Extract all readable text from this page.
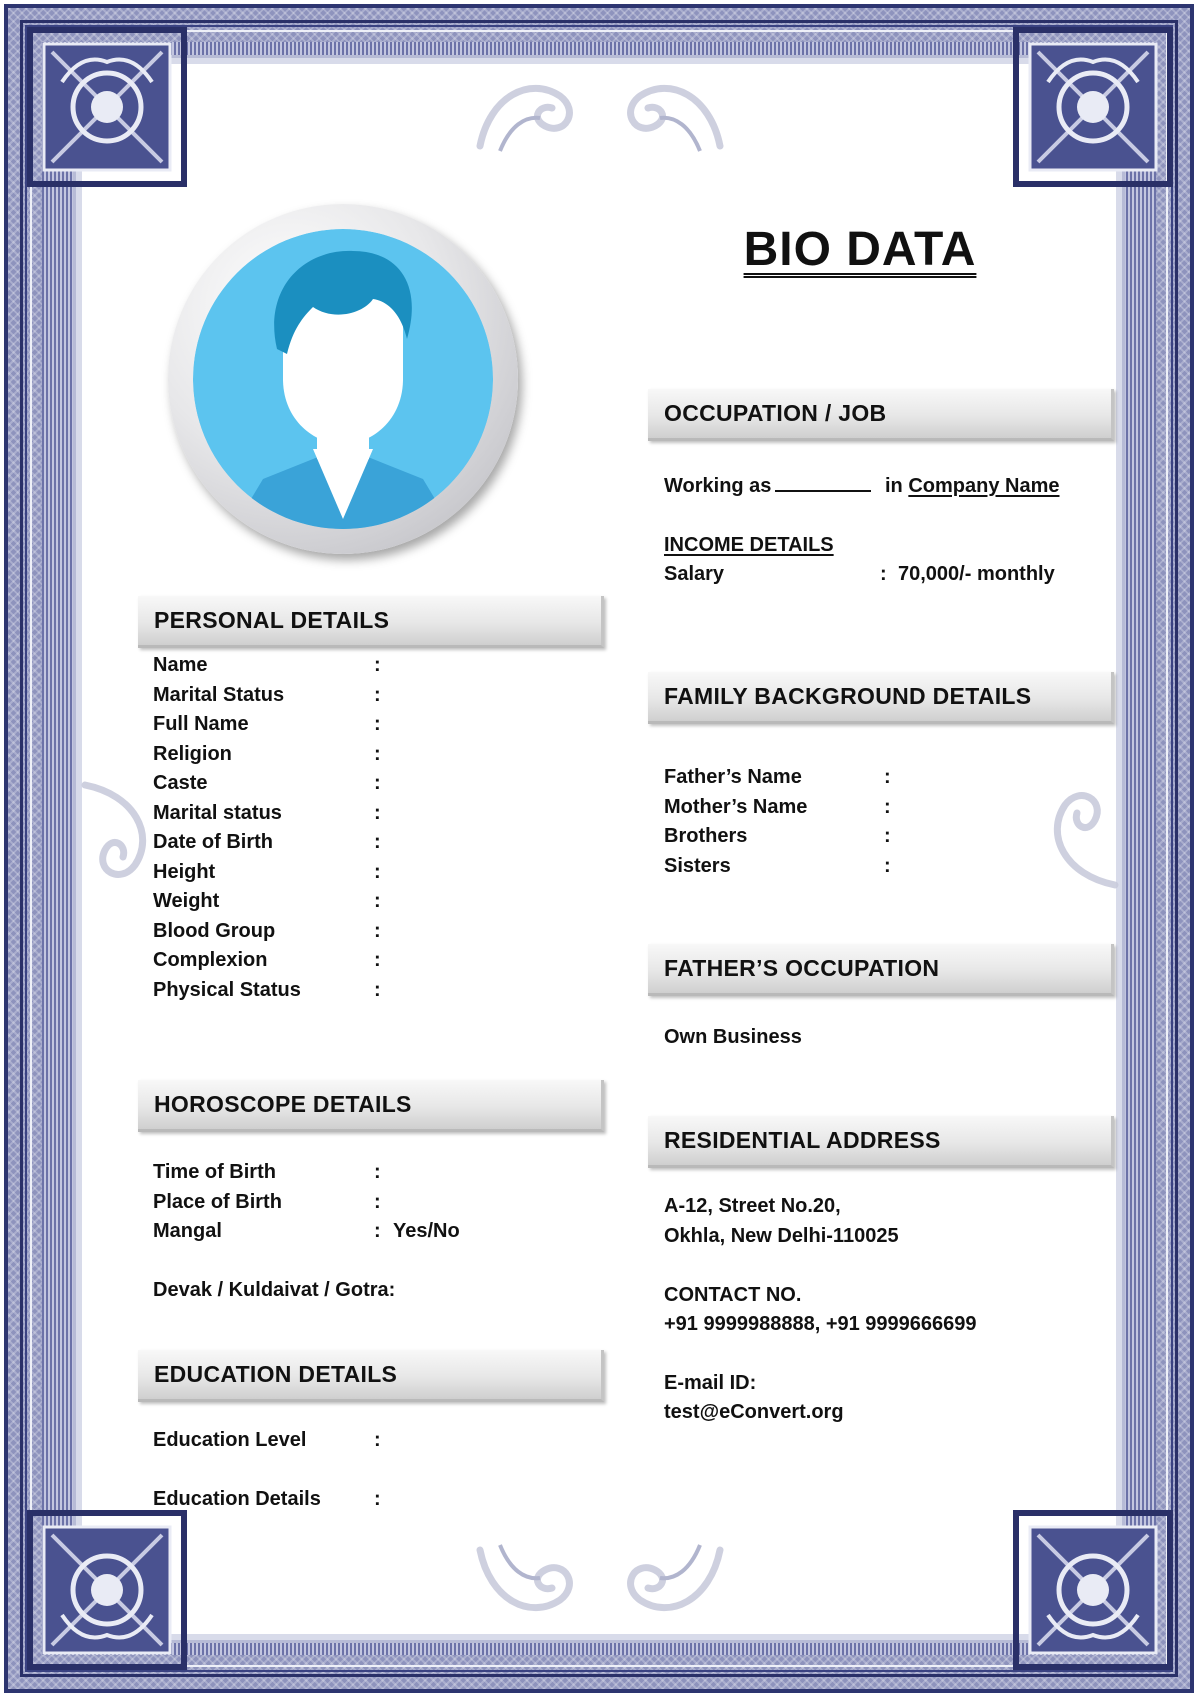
BIO DATA
PERSONAL DETAILS
Name	:
Marital Status	:
Full Name	:
Religion	:
Caste	:
Marital status	:
Date of Birth	:
Height	:
Weight	:
Blood Group	:
Complexion	:
Physical Status	:
HOROSCOPE DETAILS
Time of Birth	:
Place of Birth	:
Mangal	: Yes/No
Devak / Kuldaivat / Gotra:
EDUCATION DETAILS
Education Level	:
Education Details	:
OCCUPATION / JOB
Working as	in Company Name
INCOME DETAILS
Salary	: 70,000/- monthly
FAMILY BACKGROUND DETAILS
Father’s Name	:
Mother’s Name	:
Brothers	:
Sisters	:
FATHER’S OCCUPATION
Own Business
RESIDENTIAL ADDRESS
A-12, Street No.20,
Okhla, New Delhi-110025
CONTACT NO.
+91 9999988888, +91 9999666699
E-mail ID:
test@eConvert.org
